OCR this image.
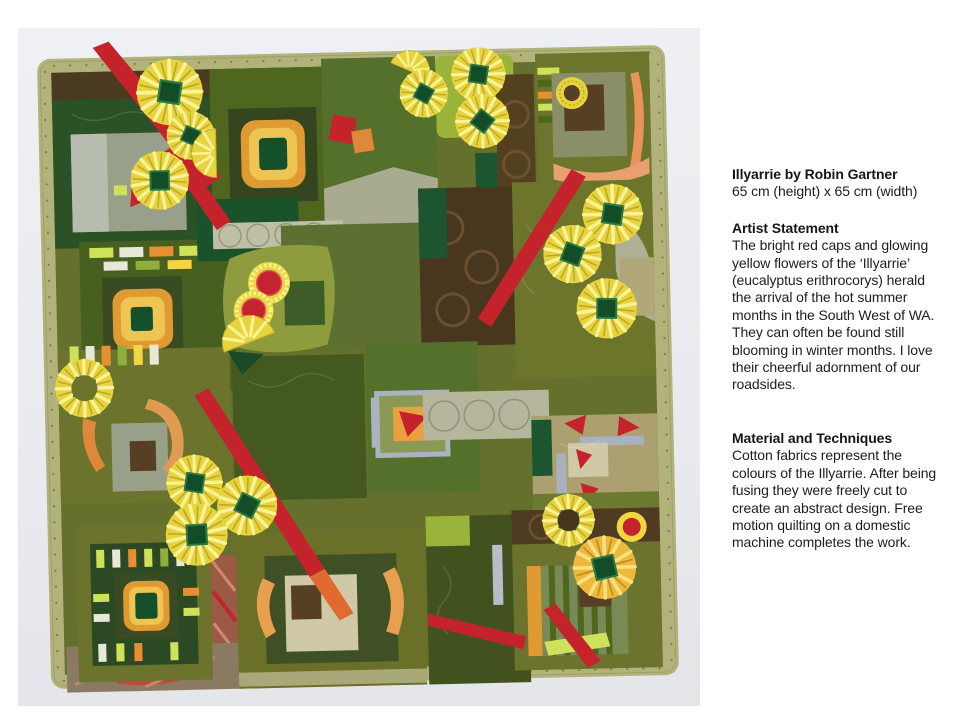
Illyarrie by Robin Gartner

65 cm (height) x 65 cm (width)

Artist Statement

The bright red caps and glowing yellow flowers of the ‘Illyarrie’ (eucalyptus erithrocorys) herald the arrival of the hot summer months in the South West of WA. They can often be found still blooming in winter months. I love their cheerful adornment of our roadsides.

Material and Techniques

Cotton fabrics represent the colours of the Illyarrie. After being fusing they were freely cut to create an abstract design. Free motion quilting on a domestic machine completes the work.
